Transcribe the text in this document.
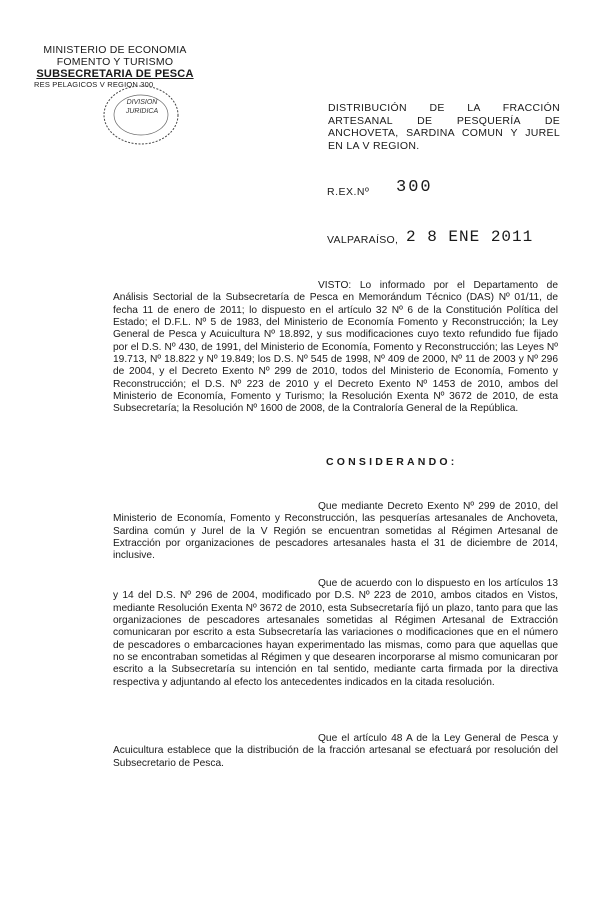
MINISTERIO DE ECONOMIA
FOMENTO Y TURISMO
SUBSECRETARIA DE PESCA
RES PELAGICOS V REGION 300
DIVISION
JURIDICA	DISTRIBUCIÓN DE LA FRACCIÓN ARTESANAL DE PESQUERÍA DE ANCHOVETA, SARDINA COMUN Y JUREL EN LA V REGION.
R.EX.Nº 300
VALPARAÍSO, 2 8 ENE 2011
VISTO: Lo informado por el Departamento de Análisis Sectorial de la Subsecretaría de Pesca en Memorándum Técnico (DAS) Nº 01/11, de fecha 11 de enero de 2011; lo dispuesto en el artículo 32 Nº 6 de la Constitución Política del Estado; el D.F.L. Nº 5 de 1983, del Ministerio de Economía Fomento y Reconstrucción; la Ley General de Pesca y Acuicultura Nº 18.892, y sus modificaciones cuyo texto refundido fue fijado por el D.S. Nº 430, de 1991, del Ministerio de Economía, Fomento y Reconstrucción; las Leyes Nº 19.713, Nº 18.822 y Nº 19.849; los D.S. Nº 545 de 1998, Nº 409 de 2000, Nº 11 de 2003 y Nº 296 de 2004, y el Decreto Exento Nº 299 de 2010, todos del Ministerio de Economía, Fomento y Reconstrucción; el D.S. Nº 223 de 2010 y el Decreto Exento Nº 1453 de 2010, ambos del Ministerio de Economía, Fomento y Turismo; la Resolución Exenta Nº 3672 de 2010, de esta Subsecretaría; la Resolución Nº 1600 de 2008, de la Contraloría General de la República.
CONSIDERANDO:
Que mediante Decreto Exento Nº 299 de 2010, del Ministerio de Economía, Fomento y Reconstrucción, las pesquerías artesanales de Anchoveta, Sardina común y Jurel de la V Región se encuentran sometidas al Régimen Artesanal de Extracción por organizaciones de pescadores artesanales hasta el 31 de diciembre de 2014, inclusive.
Que de acuerdo con lo dispuesto en los artículos 13 y 14 del D.S. Nº 296 de 2004, modificado por D.S. Nº 223 de 2010, ambos citados en Vistos, mediante Resolución Exenta Nº 3672 de 2010, esta Subsecretaría fijó un plazo, tanto para que las organizaciones de pescadores artesanales sometidas al Régimen Artesanal de Extracción comunicaran por escrito a esta Subsecretaría las variaciones o modificaciones que en el número de pescadores o embarcaciones hayan experimentado las mismas, como para que aquellas que no se encontraban sometidas al Régimen y que desearen incorporarse al mismo comunicaran por escrito a la Subsecretaría su intención en tal sentido, mediante carta firmada por la directiva respectiva y adjuntando al efecto los antecedentes indicados en la citada resolución.
Que el artículo 48 A de la Ley General de Pesca y Acuicultura establece que la distribución de la fracción artesanal se efectuará por resolución del Subsecretario de Pesca.
